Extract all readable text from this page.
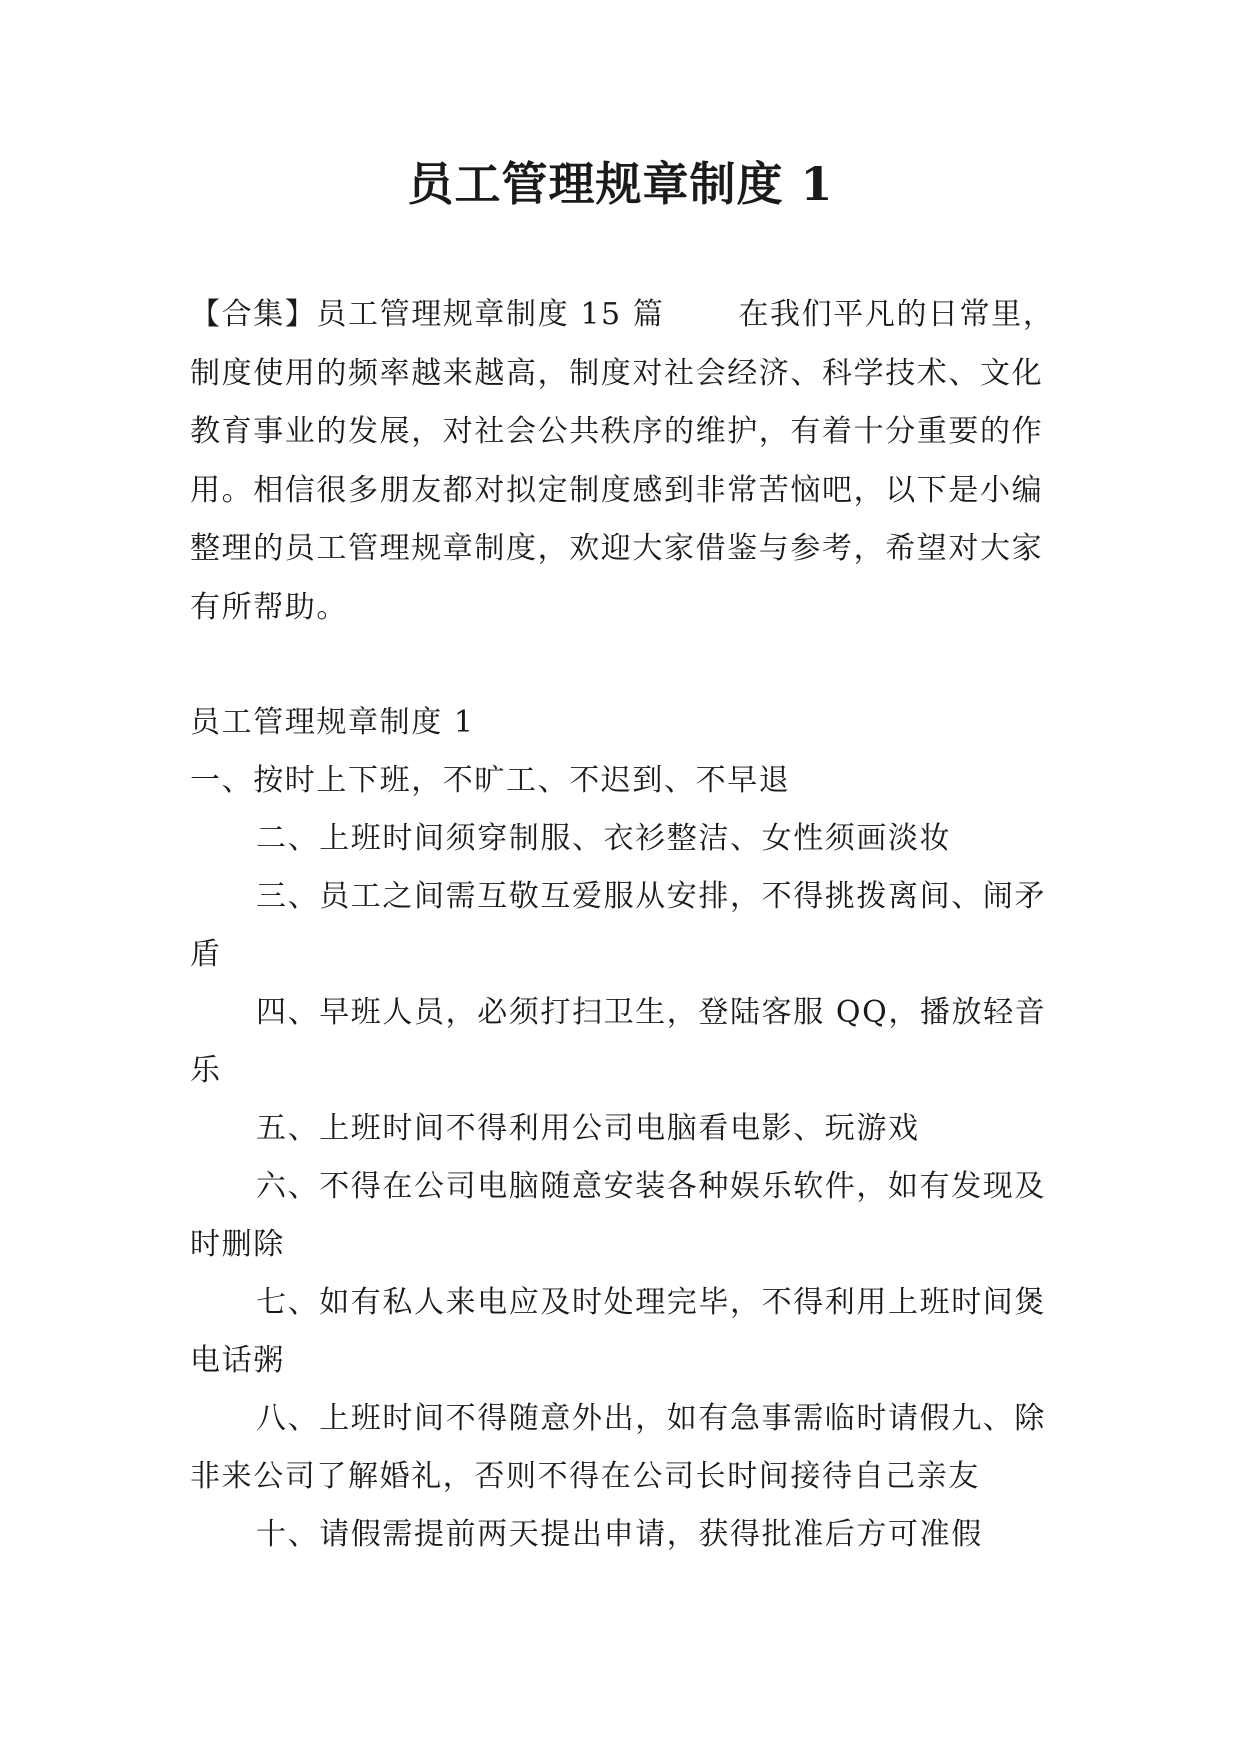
员工管理规章制度 1
【合集】员工管理规章制度 15 篇 在我们平凡的日常里，制度使用的频率越来越高，制度对社会经济、科学技术、文化教育事业的发展，对社会公共秩序的维护，有着十分重要的作用。相信很多朋友都对拟定制度感到非常苦恼吧，以下是小编整理的员工管理规章制度，欢迎大家借鉴与参考，希望对大家有所帮助。

员工管理规章制度 1

一、按时上下班，不旷工、不迟到、不早退

二、上班时间须穿制服、衣衫整洁、女性须画淡妆

三、员工之间需互敬互爱服从安排，不得挑拨离间、闹矛盾

四、早班人员，必须打扫卫生，登陆客服 QQ，播放轻音乐

五、上班时间不得利用公司电脑看电影、玩游戏

六、不得在公司电脑随意安装各种娱乐软件，如有发现及时删除

七、如有私人来电应及时处理完毕，不得利用上班时间煲电话粥

八、上班时间不得随意外出，如有急事需临时请假九、除非来公司了解婚礼，否则不得在公司长时间接待自己亲友

十、请假需提前两天提出申请，获得批准后方可准假
